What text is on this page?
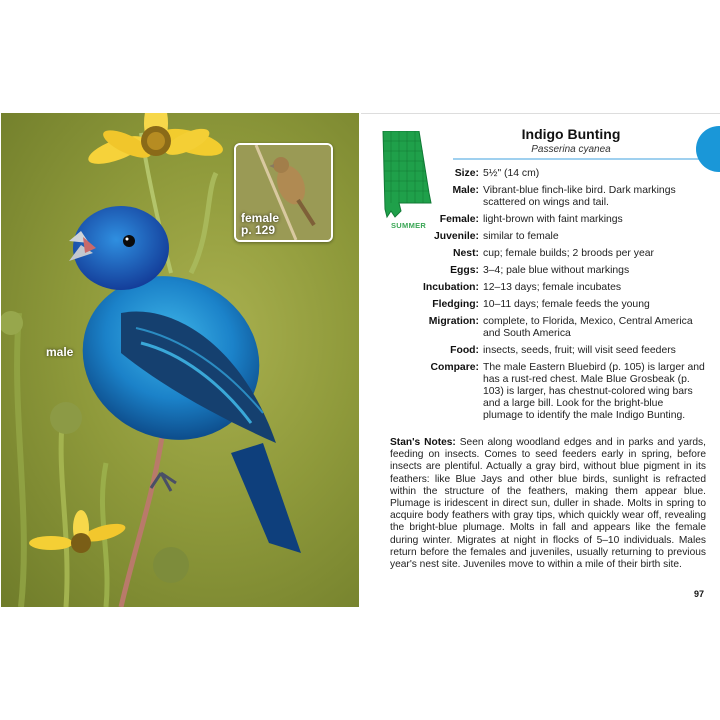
male
female
p. 129	SUMMER
Indigo Bunting
Passerina cyanea
Size: 5½" (14 cm)
Male: Vibrant-blue finch-like bird. Dark markings scattered on wings and tail.
Female: light-brown with faint markings
Juvenile: similar to female
Nest: cup; female builds; 2 broods per year
Eggs: 3–4; pale blue without markings
Incubation: 12–13 days; female incubates
Fledging: 10–11 days; female feeds the young
Migration: complete, to Florida, Mexico, Central America and South America
Food: insects, seeds, fruit; will visit seed feeders
Compare: The male Eastern Bluebird (p. 105) is larger and has a rust-red chest. Male Blue Grosbeak (p. 103) is larger, has chestnut-colored wing bars and a large bill. Look for the bright-blue plumage to identify the male Indigo Bunting.
Stan's Notes: Seen along woodland edges and in parks and yards, feeding on insects. Comes to seed feeders early in spring, before insects are plentiful. Actually a gray bird, without blue pigment in its feathers: like Blue Jays and other blue birds, sunlight is refracted within the structure of the feathers, making them appear blue. Plumage is iridescent in direct sun, duller in shade. Molts in spring to acquire body feathers with gray tips, which quickly wear off, revealing the bright-blue plumage. Molts in fall and appears like the female during winter. Migrates at night in flocks of 5–10 individuals. Males return before the females and juveniles, usually returning to previous year's nest site. Juveniles move to within a mile of their birth site.
97
